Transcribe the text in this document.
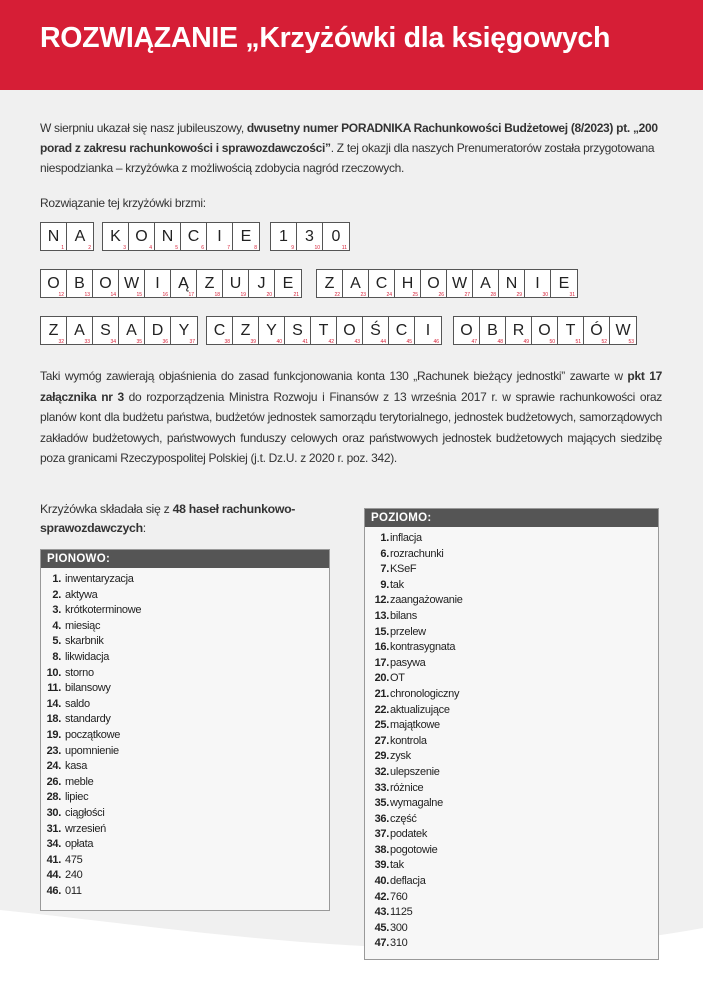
ROZWIĄZANIE „Krzyżówki dla księgowych

W sierpniu ukazał się nasz jubileuszowy, dwusetny numer PORADNIKA Rachunkowości Budżetowej (8/2023) pt. „200 porad z zakresu rachunkowości i sprawozdawczości”. Z tej okazji dla naszych Prenumeratorów została przygotowana niespodzianka – krzyżówka z możliwością zdobycia nagród rzeczowych.

Rozwiązanie tej krzyżówki brzmi:
N
1
A
2
K
3
O
4
N
5
C
6
I
7
E
8
1
9
3
10
0
11
O
12
B
13
O
14
W
15
I
16
Ą
17
Z
18
U
19
J
20
E
21
Z
22
A
23
C
24
H
25
O
26
W
27
A
28
N
29
I
30
E
31
Z
32
A
33
S
34
A
35
D
36
Y
37
C
38
Z
39
Y
40
S
41
T
42
O
43
Ś
44
C
45
I
46
O
47
B
48
R
49
O
50
T
51
Ó
52
W
53

Taki wymóg zawierają objaśnienia do zasad funkcjonowania konta 130 „Rachunek bieżący jednostki” zawarte w pkt 17 załącznika nr 3 do rozporządzenia Ministra Rozwoju i Finansów z 13 września 2017 r. w sprawie rachunkowości oraz planów kont dla budżetu państwa, budżetów jednostek samorządu terytorialnego, jednostek budżetowych, samorządowych zakładów budżetowych, państwowych funduszy celowych oraz państwowych jednostek budżetowych mających siedzibę poza granicami Rzeczypospolitej Polskiej (j.t. Dz.U. z 2020 r. poz. 342).

Krzyżówka składała się z 48 haseł rachunkowo-sprawozdawczych:
PIONOWO:
1. inwentaryzacja
2. aktywa
3. krótkoterminowe
4. miesiąc
5. skarbnik
8. likwidacja
10. storno
11. bilansowy
14. saldo
18. standardy
19. początkowe
23. upomnienie
24. kasa
26. meble
28. lipiec
30. ciągłości
31. wrzesień
34. opłata
41. 475
44. 240
46. 011
POZIOMO:
1. inflacja
6. rozrachunki
7. KSeF
9. tak
12. zaangażowanie
13. bilans
15. przelew
16. kontrasygnata
17. pasywa
20. OT
21. chronologiczny
22. aktualizujące
25. majątkowe
27. kontrola
29. zysk
32. ulepszenie
33. różnice
35. wymagalne
36. część
37. podatek
38. pogotowie
39. tak
40. deflacja
42. 760
43. 1125
45. 300
47. 310
